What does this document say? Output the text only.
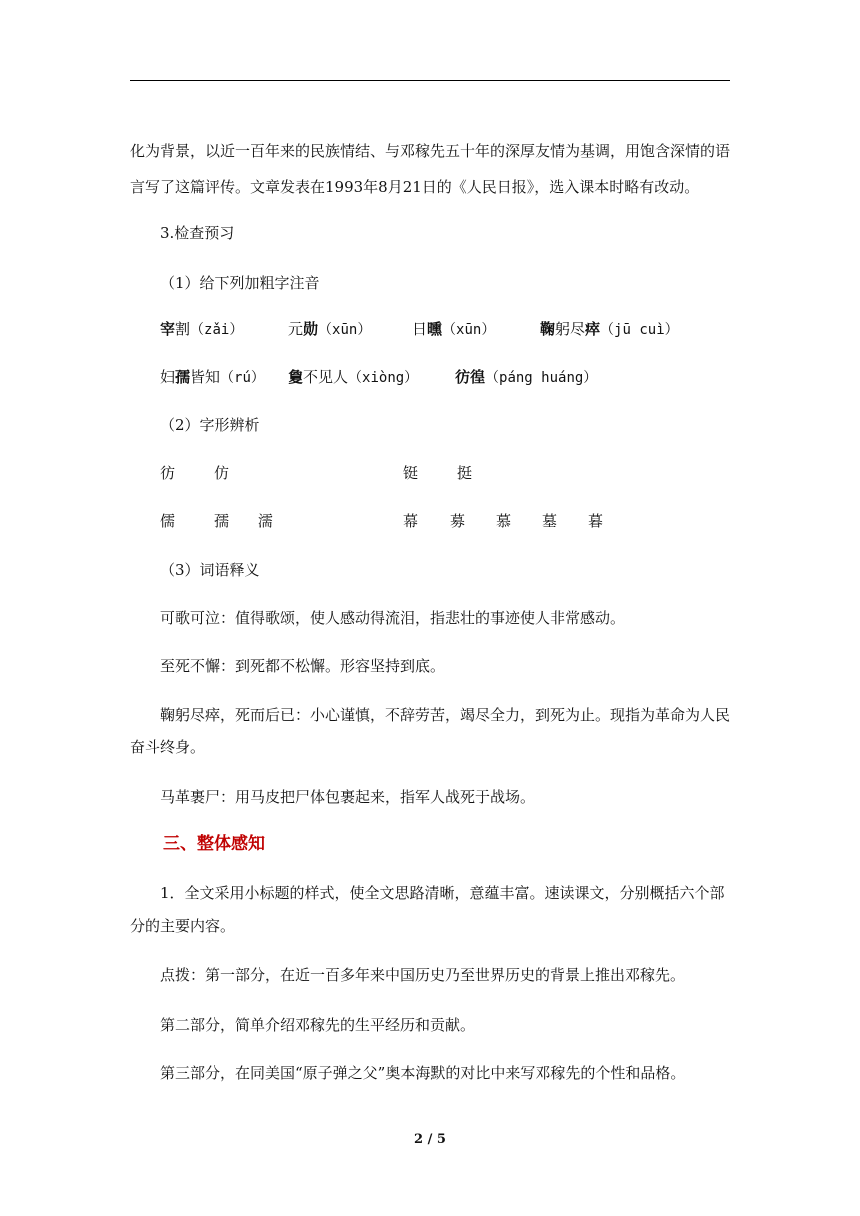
化为背景，以近一百年来的民族情结、与邓稼先五十年的深厚友情为基调，用饱含深情的语
言写了这篇评传。文章发表在1993年8月21日的《人民日报》，选入课本时略有改动。
3.检查预习
（1）给下列加粗字注音
宰割（zǎi）	元勋（xūn）	日曛（xūn）	鞠躬尽瘁（jū cuì）
妇孺皆知（rú） 敻不见人（xiòng） 彷徨（páng huáng）
（2）字形辨析
彷	仿	铤	挺
儒	孺 濡	幕 募 慕 墓 暮
（3）词语释义
可歌可泣：值得歌颂，使人感动得流泪，指悲壮的事迹使人非常感动。
至死不懈：到死都不松懈。形容坚持到底。
鞠躬尽瘁，死而后已：小心谨慎，不辞劳苦，竭尽全力，到死为止。现指为革命为人民
奋斗终身。
马革裹尸：用马皮把尸体包裹起来，指军人战死于战场。
三、整体感知
1．全文采用小标题的样式，使全文思路清晰，意蕴丰富。速读课文，分别概括六个部
分的主要内容。
点拨：第一部分，在近一百多年来中国历史乃至世界历史的背景上推出邓稼先。
第二部分，简单介绍邓稼先的生平经历和贡献。
第三部分，在同美国“原子弹之父”奥本海默的对比中来写邓稼先的个性和品格。
2 / 5
